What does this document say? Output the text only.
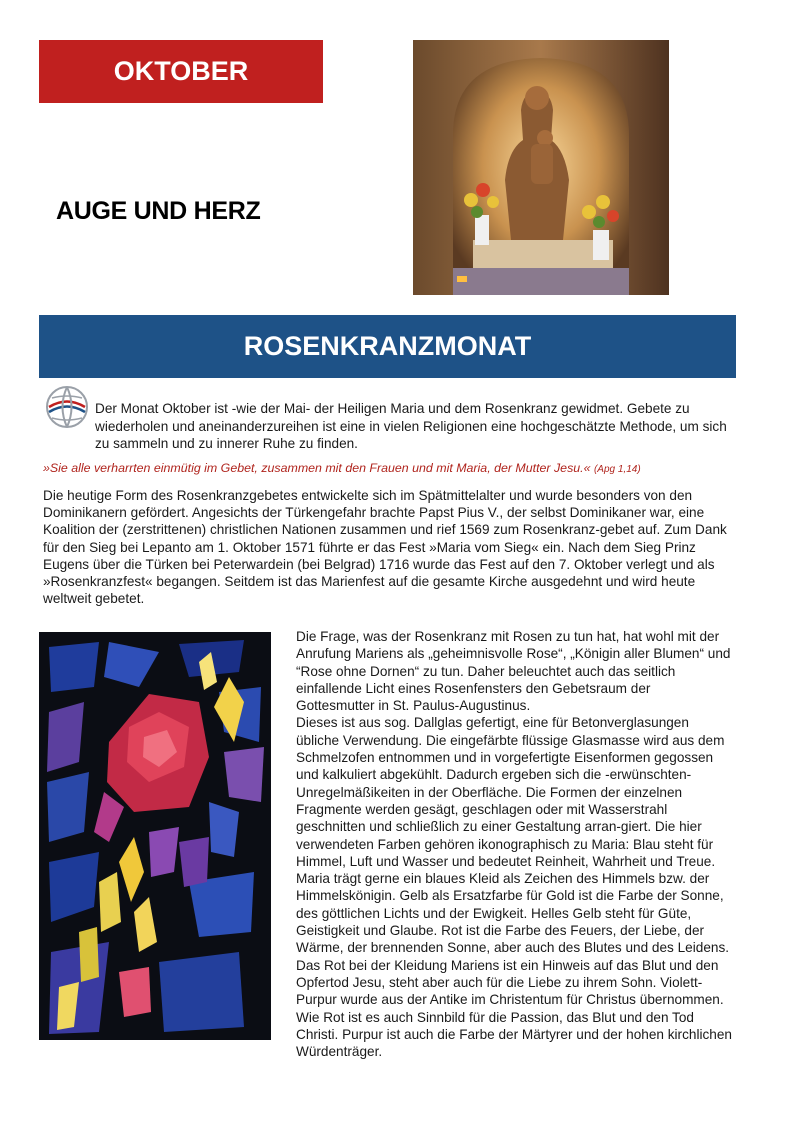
OKTOBER
AUGE UND HERZ
ROSENKRANZMONAT
Der Monat Oktober ist -wie der Mai- der Heiligen Maria und dem Rosenkranz gewidmet. Gebete zu wiederholen und aneinanderzureihen ist eine in vielen Religionen eine hochgeschätzte Methode, um sich zu sammeln und zu innerer Ruhe zu finden.
»Sie alle verharrten einmütig im Gebet, zusammen mit den Frauen und mit Maria, der Mutter Jesu.« (Apg 1,14)

Die heutige Form des Rosenkranzgebetes entwickelte sich im Spätmittelalter und wurde besonders von den Dominikanern gefördert. Angesichts der Türkengefahr brachte Papst Pius V., der selbst Dominikaner war, eine Koalition der (zerstrittenen) christlichen Nationen zusammen und rief 1569 zum Rosenkranz-gebet auf. Zum Dank für den Sieg bei Lepanto am 1. Oktober 1571 führte er das Fest »Maria vom Sieg« ein. Nach dem Sieg Prinz Eugens über die Türken bei Peterwardein (bei Belgrad) 1716 wurde das Fest auf den 7. Oktober verlegt und als »Rosenkranzfest« begangen. Seitdem ist das Marienfest auf die gesamte Kirche ausgedehnt und wird heute weltweit gebetet.

Die Frage, was der Rosenkranz mit Rosen zu tun hat, hat wohl mit der Anrufung Mariens als „geheimnisvolle Rose“, „Königin aller Blumen“ und “Rose ohne Dornen“ zu tun. Daher beleuchtet auch das seitlich einfallende Licht eines Rosenfensters den Gebetsraum der Gottesmutter in St. Paulus-Augustinus.

Dieses ist aus sog. Dallglas gefertigt, eine für Betonverglasungen übliche Verwendung. Die eingefärbte flüssige Glasmasse wird aus dem Schmelzofen entnommen und in vorgefertigte Eisenformen gegossen und kalkuliert abgekühlt. Dadurch ergeben sich die -erwünschten- Unregelmäßikeiten in der Oberfläche. Die Formen der einzelnen Fragmente werden gesägt, geschlagen oder mit Wasserstrahl geschnitten und schließlich zu einer Gestaltung arran-giert. Die hier verwendeten Farben gehören ikonographisch zu Maria: Blau steht für Himmel, Luft und Wasser und bedeutet Reinheit, Wahrheit und Treue. Maria trägt gerne ein blaues Kleid als Zeichen des Himmels bzw. der Himmelskönigin. Gelb als Ersatzfarbe für Gold ist die Farbe der Sonne, des göttlichen Lichts und der Ewigkeit. Helles Gelb steht für Güte, Geistigkeit und Glaube. Rot ist die Farbe des Feuers, der Liebe, der Wärme, der brennenden Sonne, aber auch des Blutes und des Leidens. Das Rot bei der Kleidung Mariens ist ein Hinweis auf das Blut und den Opfertod Jesu, steht aber auch für die Liebe zu ihrem Sohn. Violett-Purpur wurde aus der Antike im Christentum für Christus übernommen. Wie Rot ist es auch Sinnbild für die Passion, das Blut und den Tod Christi. Purpur ist auch die Farbe der Märtyrer und der hohen kirchlichen Würdenträger.
